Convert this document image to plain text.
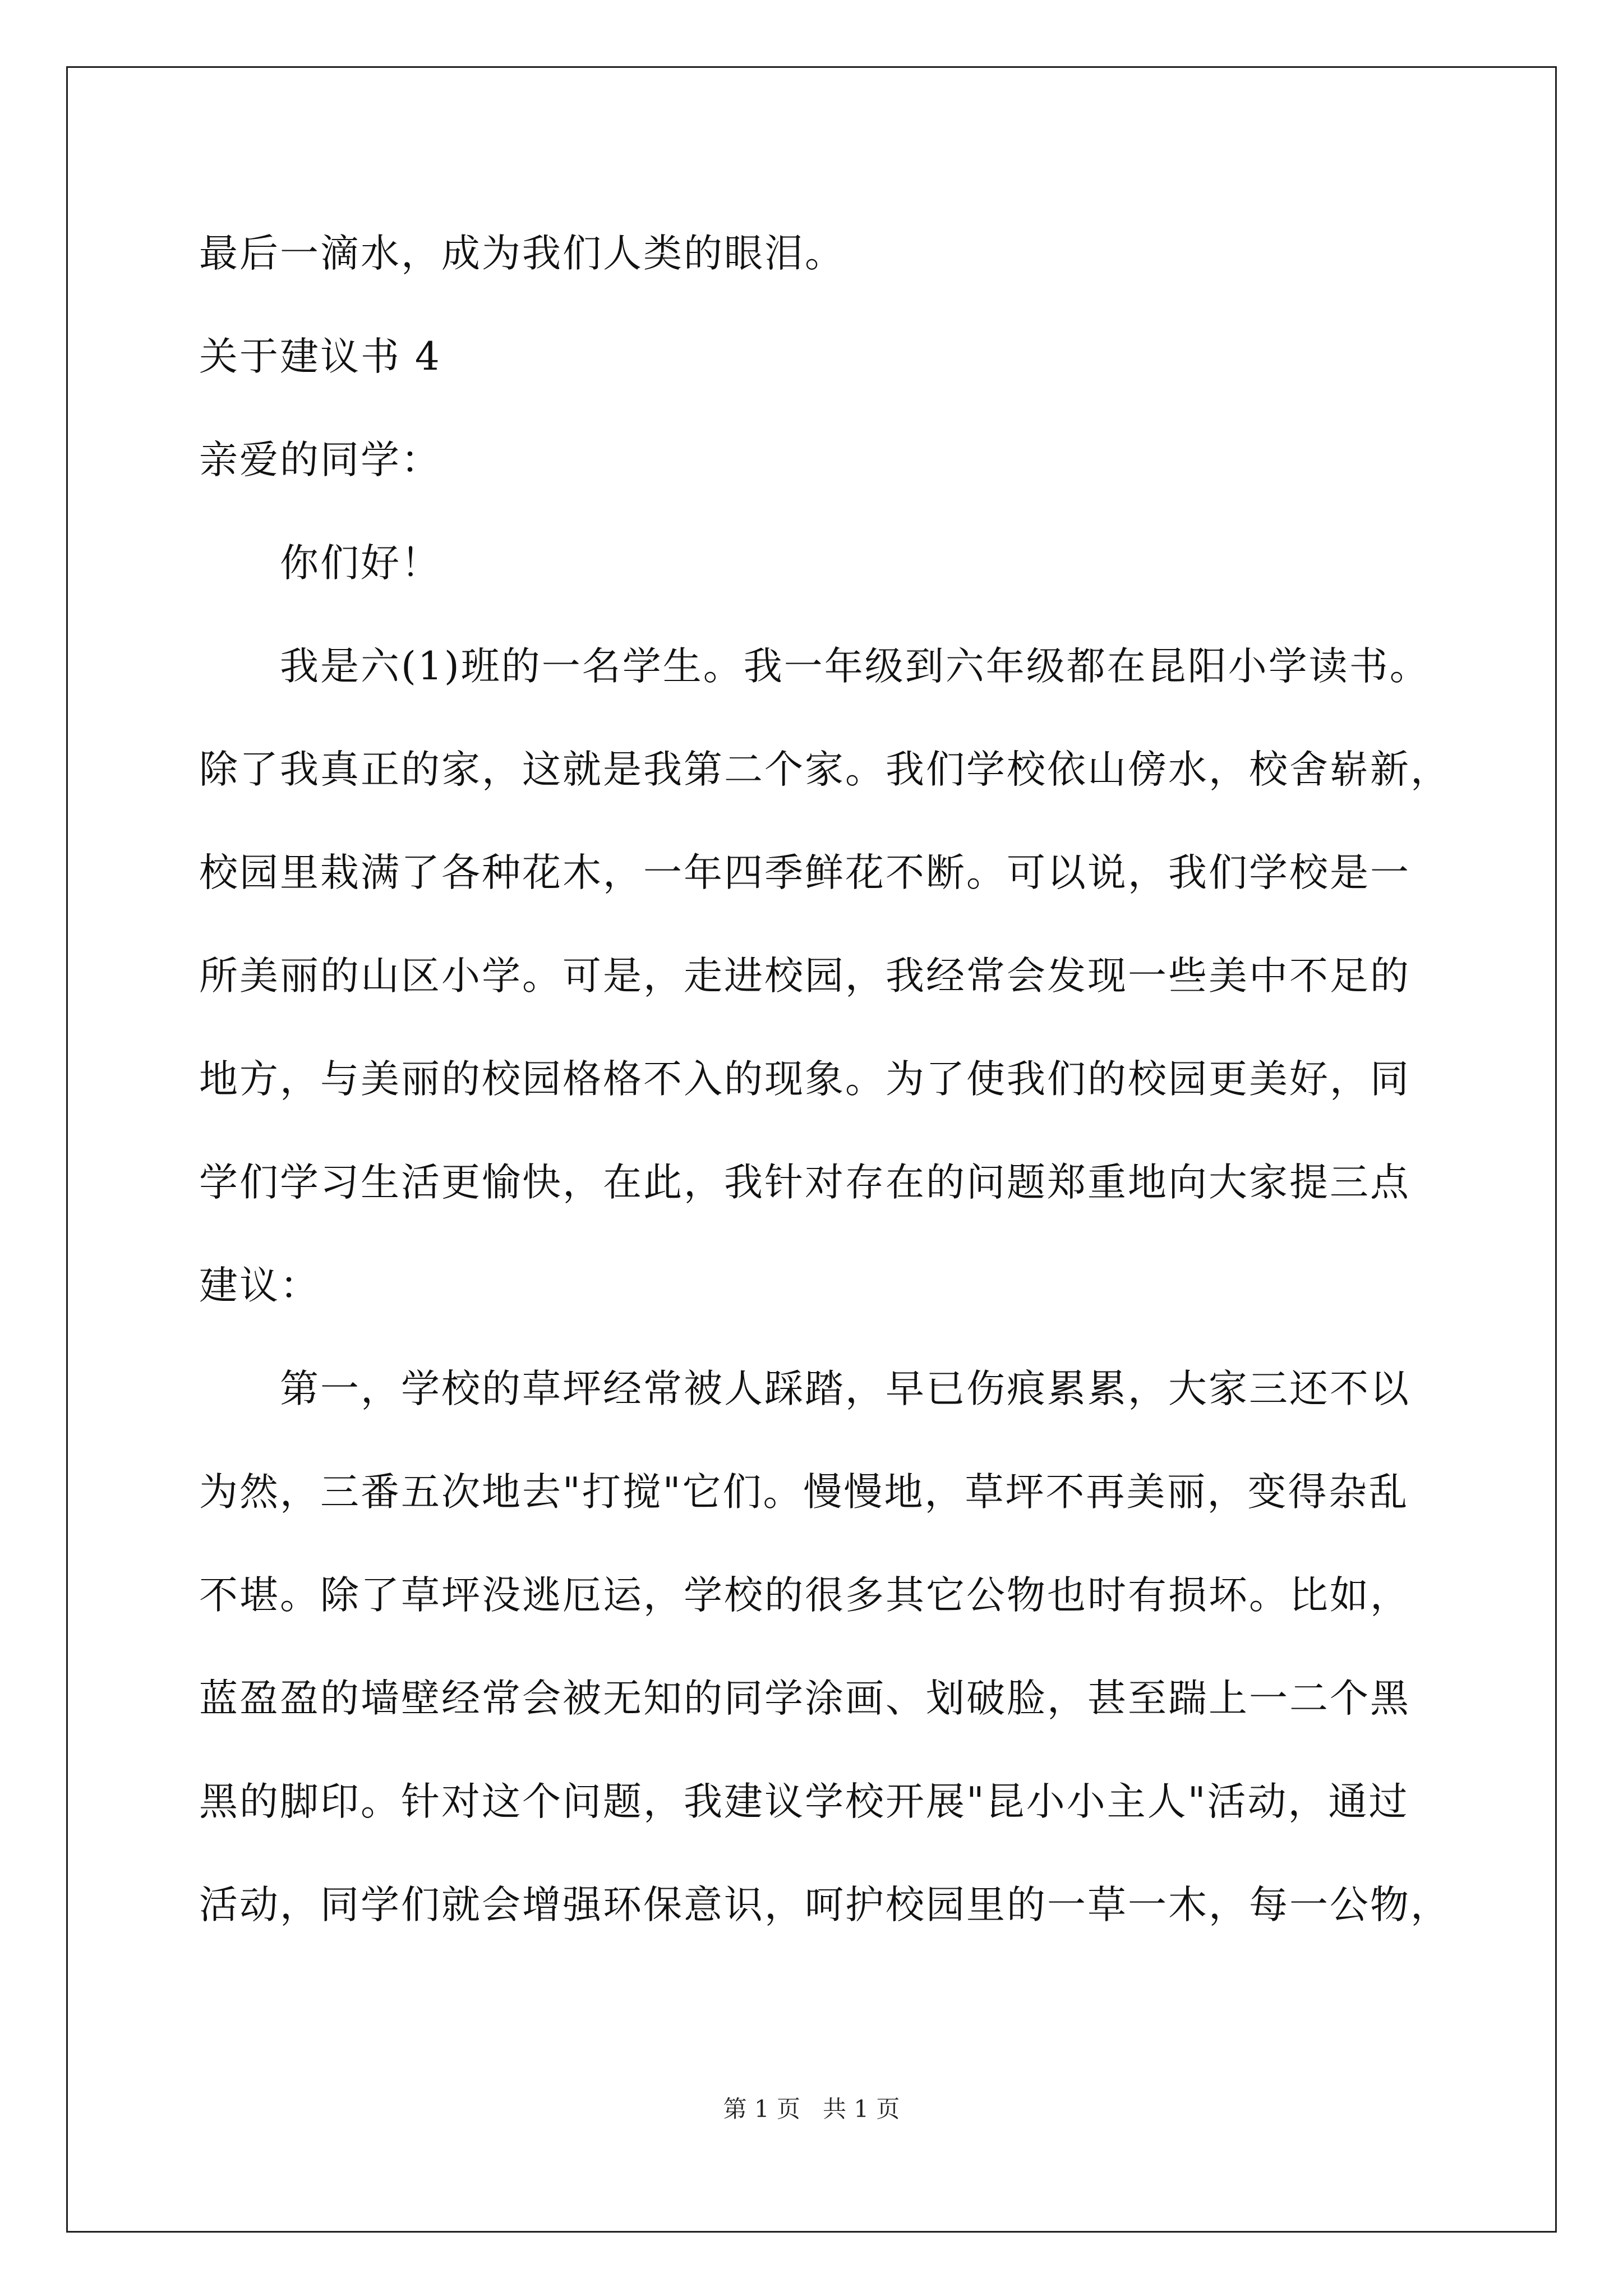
最后一滴水，成为我们人类的眼泪。
关于建议书 4
亲爱的同学：
你们好！
我是六(1)班的一名学生。我一年级到六年级都在昆阳小学读书。
除了我真正的家，这就是我第二个家。我们学校依山傍水，校舍崭新，
校园里栽满了各种花木，一年四季鲜花不断。可以说，我们学校是一
所美丽的山区小学。可是，走进校园，我经常会发现一些美中不足的
地方，与美丽的校园格格不入的现象。为了使我们的校园更美好，同
学们学习生活更愉快，在此，我针对存在的问题郑重地向大家提三点
建议：
第一，学校的草坪经常被人踩踏，早已伤痕累累，大家三还不以
为然，三番五次地去"打搅"它们。慢慢地，草坪不再美丽，变得杂乱
不堪。除了草坪没逃厄运，学校的很多其它公物也时有损坏。比如，
蓝盈盈的墙壁经常会被无知的同学涂画、划破脸，甚至踹上一二个黑
黑的脚印。针对这个问题，我建议学校开展"昆小小主人"活动，通过
活动，同学们就会增强环保意识，呵护校园里的一草一木，每一公物，
第 1 页 共 1 页
